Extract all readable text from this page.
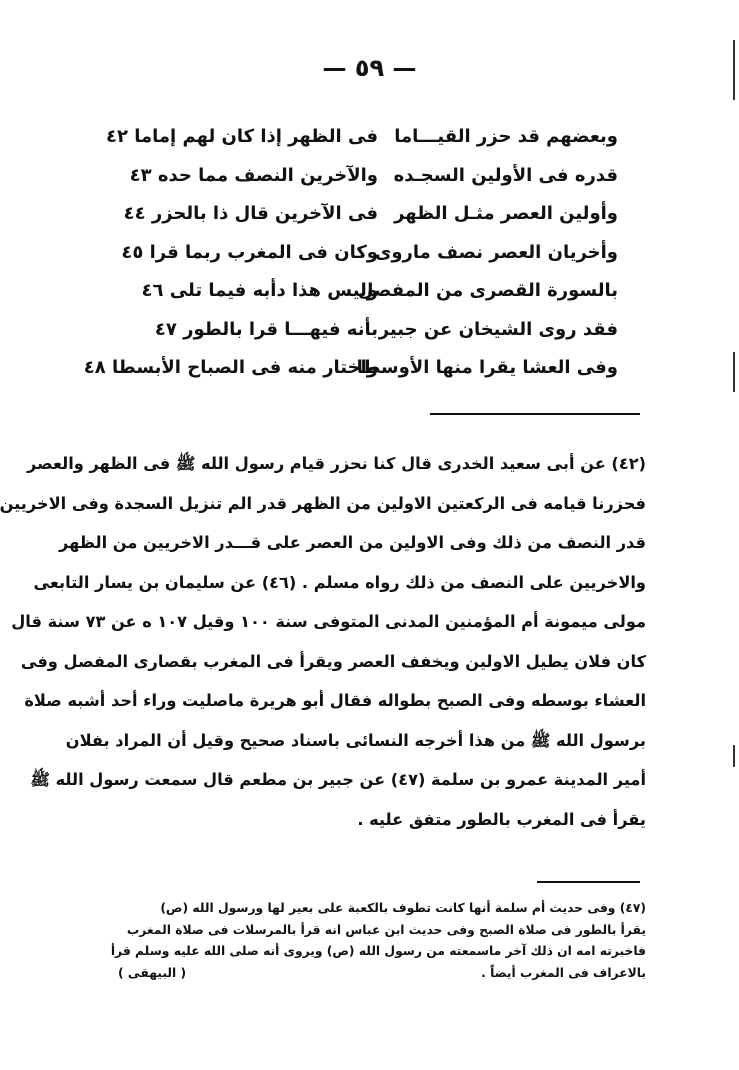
— ٥٩ —
وبعضهم قد حزر القيـــاما
فى الظهر إذا كان لهم إماما ٤٢
قدره فى الأولين السجـده
والآخرين النصف مما حده ٤٣
وأولين العصر مثـل الظهر
فى الآخرين قال ذا بالحزر ٤٤
وأخريان العصر نصف ماروى
وكان فى المغرب ربما قرا ٤٥
بالسورة القصرى من المفصل
وليس هذا دأبه فيما تلى ٤٦
فقد روى الشيخان عن جبير
بأنه فيهـــا قرا بالطور ٤٧
وفى العشا يقرا منها الأوسطا
واختار منه فى الصباح الأبسطا ٤٨
(٤٢) عن أبى سعيد الخدرى قال كنا نحزر قيام رسول الله ﷺ فى الظهر والعصر
فحزرنا قيامه فى الركعتين الاولين من الظهر قدر الم تنزيل السجدة وفى الاخريين
قدر النصف من ذلك وفى الاولين من العصر على قـــدر الاخريين من الظهر
والاخريين على النصف من ذلك رواه مسلم . (٤٦) عن سليمان بن يسار التابعى
مولى ميمونة أم المؤمنين المدنى المتوفى سنة ١٠٠ وقيل ١٠٧ ه عن ٧٣ سنة قال
كان فلان يطيل الاولين ويخفف العصر ويقرأ فى المغرب بقصارى المفصل وفى
العشاء بوسطه وفى الصبح بطواله فقال أبو هريرة ماصليت وراء أحد أشبه صلاة
برسول الله ﷺ من هذا أخرجه النسائى باسناد صحيح وقيل أن المراد بفلان
أمير المدينة عمرو بن سلمة (٤٧) عن جبير بن مطعم قال سمعت رسول الله ﷺ
يقرأ فى المغرب بالطور متفق عليه .
(٤٧) وفى حديث أم سلمة أنها كانت تطوف بالكعبة على بعير لها ورسول الله (ص)
يقرأ بالطور فى صلاة الصبح وفى حديث ابن عباس انه قرأ بالمرسلات فى صلاة المغرب
فاخبرته امه ان ذلك آخر ماسمعته من رسول الله (ص) ويروى أنه صلى الله عليه وسلم قرأ
بالاعراف فى المغرب أيضاً .
( البيهقى )
